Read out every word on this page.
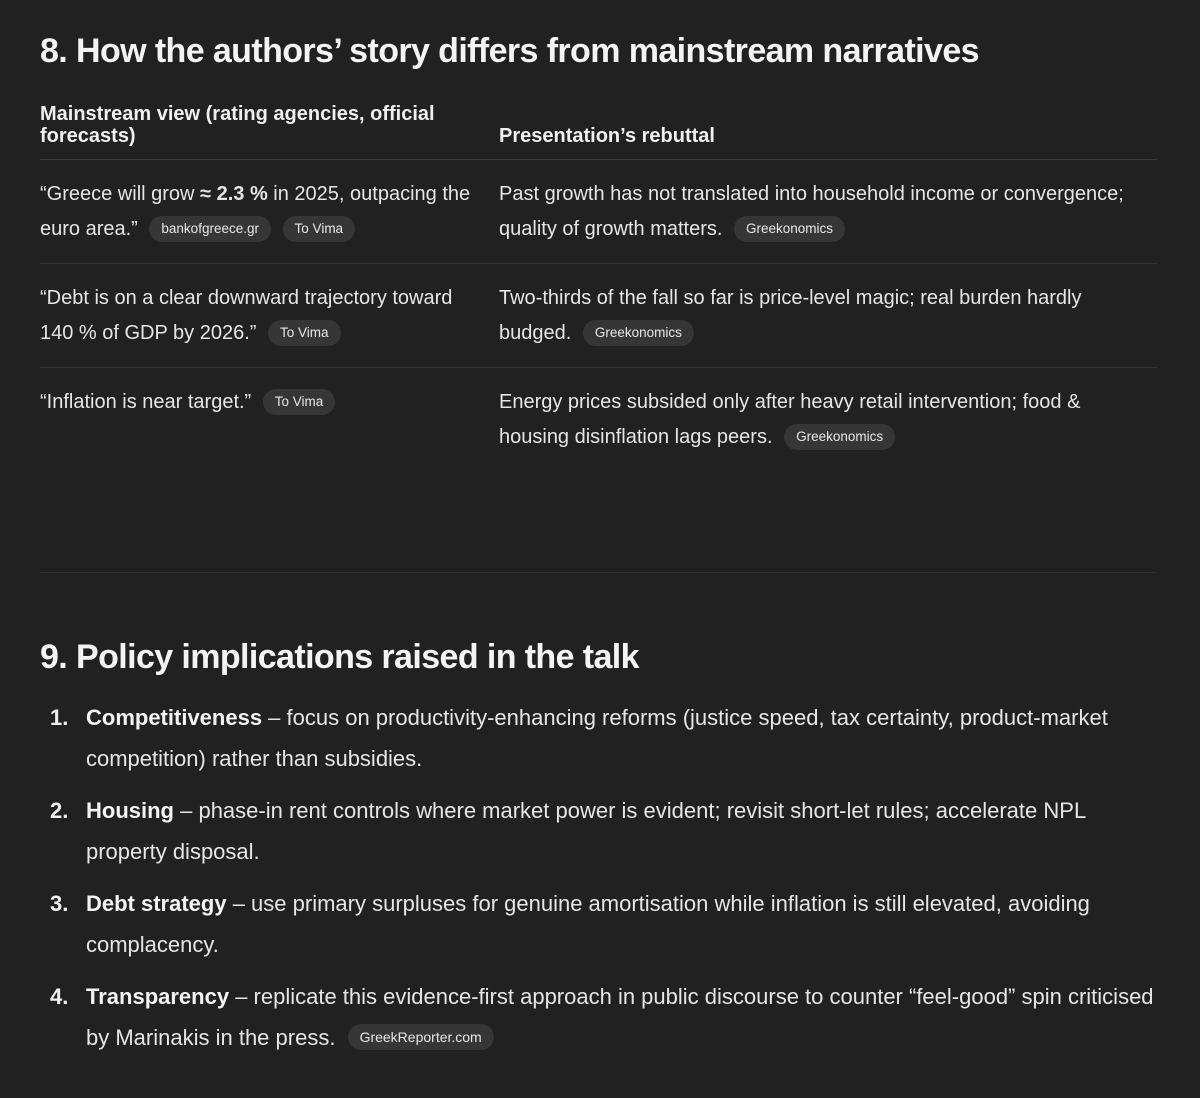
8. How the authors’ story differs from mainstream narratives
Mainstream view (rating agencies, official forecasts)	Presentation’s rebuttal
“Greece will grow ≈ 2.3 % in 2025, outpacing the euro area.” bankofgreece.gr To Vima	Past growth has not translated into household income or convergence; quality of growth matters. Greekonomics
“Debt is on a clear downward trajectory toward 140 % of GDP by 2026.” To Vima	Two-thirds of the fall so far is price-level magic; real burden hardly budged. Greekonomics
“Inflation is near target.” To Vima	Energy prices subsided only after heavy retail intervention; food & housing disinflation lags peers. Greekonomics
9. Policy implications raised in the talk
1. Competitiveness – focus on productivity-enhancing reforms (justice speed, tax certainty, product-market competition) rather than subsidies.
2. Housing – phase-in rent controls where market power is evident; revisit short-let rules; accelerate NPL property disposal.
3. Debt strategy – use primary surpluses for genuine amortisation while inflation is still elevated, avoiding complacency.
4. Transparency – replicate this evidence-first approach in public discourse to counter “feel-good” spin criticised by Marinakis in the press. GreekReporter.com
